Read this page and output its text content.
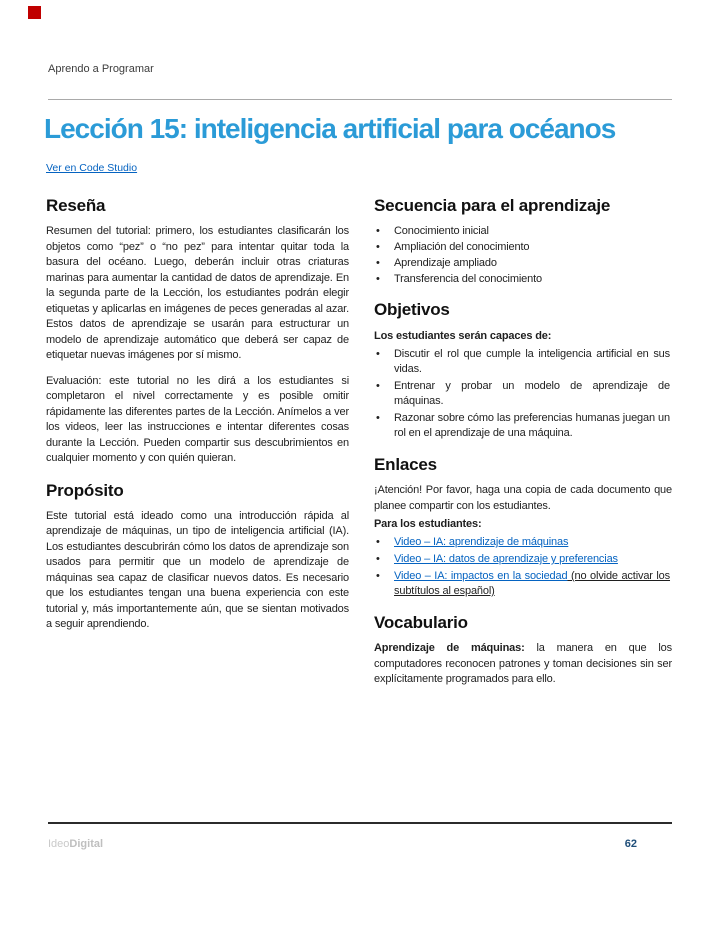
Aprendo a Programar
Lección 15: inteligencia artificial para océanos
Ver en Code Studio
Reseña

Resumen del tutorial: primero, los estudiantes clasificarán los objetos como “pez” o “no pez” para intentar quitar toda la basura del océano. Luego, deberán incluir otras criaturas marinas para aumentar la cantidad de datos de aprendizaje. En la segunda parte de la Lección, los estudiantes podrán elegir etiquetas y aplicarlas en imágenes de peces generadas al azar. Estos datos de aprendizaje se usarán para estructurar un modelo de aprendizaje automático que deberá ser capaz de etiquetar nuevas imágenes por sí mismo.

Evaluación: este tutorial no les dirá a los estudiantes si completaron el nivel correctamente y es posible omitir rápidamente las diferentes partes de la Lección. Anímelos a ver los videos, leer las instrucciones e intentar diferentes cosas durante la Lección. Pueden compartir sus descubrimientos en cualquier momento y con quién quieran.

Propósito

Este tutorial está ideado como una introducción rápida al aprendizaje de máquinas, un tipo de inteligencia artificial (IA). Los estudiantes descubrirán cómo los datos de aprendizaje son usados para permitir que un modelo de aprendizaje de máquinas sea capaz de clasificar nuevos datos. Es necesario que los estudiantes tengan una buena experiencia con este tutorial y, más importantemente aún, que se sientan motivados a seguir aprendiendo.

Secuencia para el aprendizaje
• Conocimiento inicial
• Ampliación del conocimiento
• Aprendizaje ampliado
• Transferencia del conocimiento
Objetivos

Los estudiantes serán capaces de:

• Discutir el rol que cumple la inteligencia artificial en sus vidas.
• Entrenar y probar un modelo de aprendizaje de máquinas.
• Razonar sobre cómo las preferencias humanas juegan un rol en el aprendizaje de una máquina.
Enlaces

¡Atención! Por favor, haga una copia de cada documento que planee compartir con los estudiantes.

Para los estudiantes:

• Video – IA: aprendizaje de máquinas
• Video – IA: datos de aprendizaje y preferencias
• Video – IA: impactos en la sociedad (no olvide activar los subtítulos al español)
Vocabulario

Aprendizaje de máquinas: la manera en que los computadores reconocen patrones y toman decisiones sin ser explícitamente programados para ello.

IdeoDigital	62
